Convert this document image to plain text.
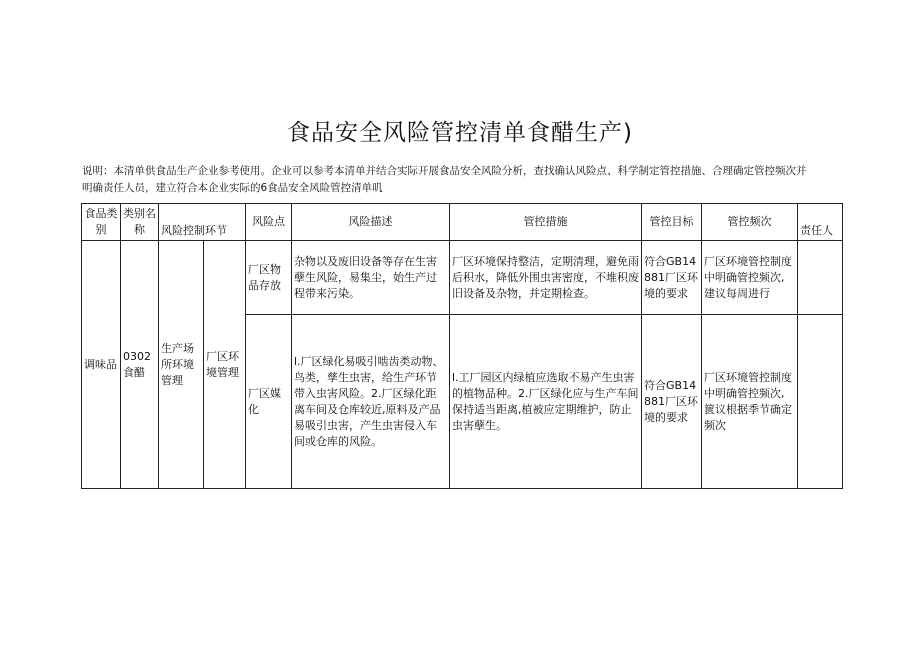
食品安全风险管控清单食醋生产)
说明：本清单供食品生产企业参考使用。企业可以参考本清单并结合实际开展食品安全风险分析，查找确认风险点、科学制定管控措施、合理确定管控频次并
明确责任人员，建立符合本企业实际的6食品安全风险管控清单叽
食品类别	类别名称	风险控制环节		风险点	风险描述	管控措施	管控目标	管控频次	责任人
调味品	0302食醋	生产场所环境管理	厂区环境管理	厂区物品存放	杂物以及废旧设备等存在生害孽生风险，易集尘，始生产过程带来污染。	厂区环境保持整洁，定期清理，避免雨后积水，降低外围虫害密度，不堆积废旧设备及杂物，并定期检查。	符合GB14881厂区环境的要求	厂区环境管控制度中明确管控频次,建议每周进行	
				厂区媒化	l.厂区绿化易吸引啮齿类动物、鸟类，孳生虫害，给生产环节带入虫害风险。2.厂区绿化距离车间及仓库较近,原料及产品易吸引虫害，产生虫害侵入车间或仓库的风险。	l.工厂园区内绿植应选取不易产生虫害的植物品种。2.厂区绿化应与生产车间保持适当距离,植被应定期维护，防止虫害孽生。	符合GB14881厂区环境的要求	厂区环境管控制度中明确管控频次,篋议根据季节确定频次	
